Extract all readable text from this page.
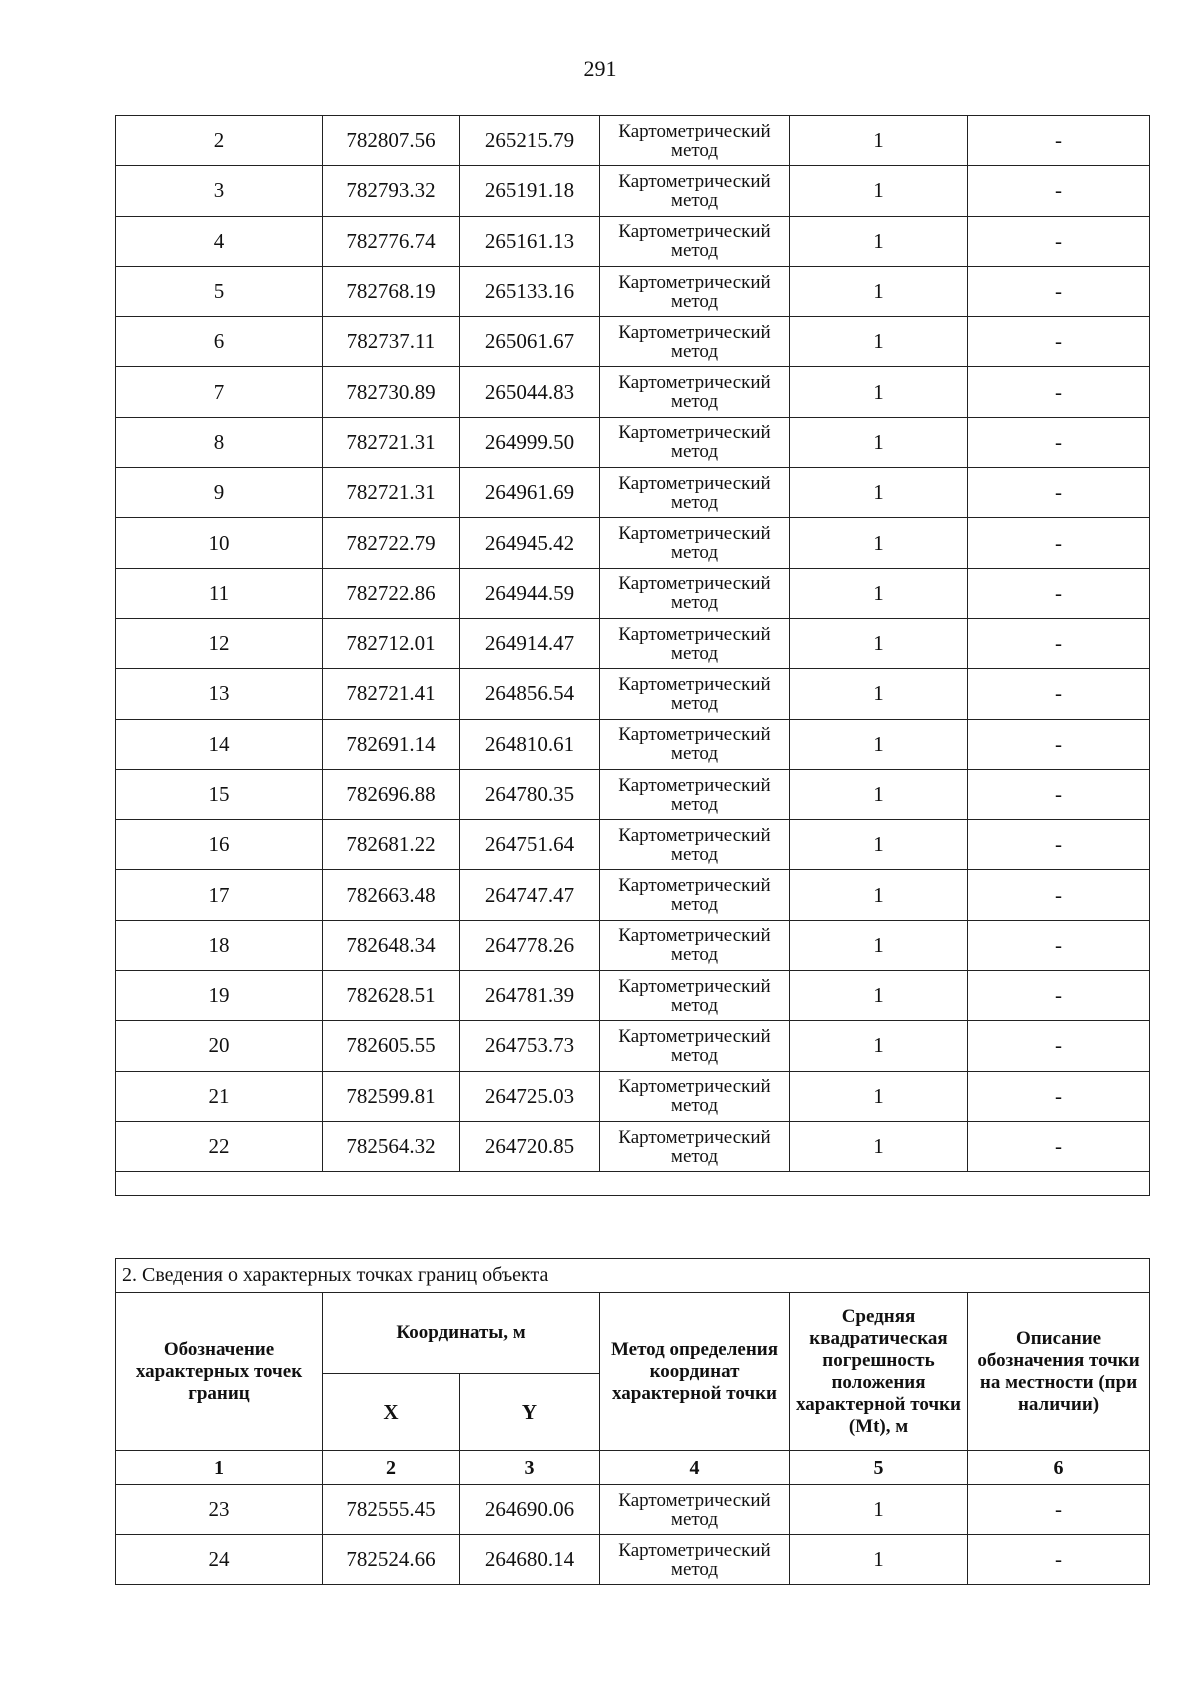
291
2	782807.56	265215.79	Картометрический метод	1	-
3	782793.32	265191.18	Картометрический метод	1	-
4	782776.74	265161.13	Картометрический метод	1	-
5	782768.19	265133.16	Картометрический метод	1	-
6	782737.11	265061.67	Картометрический метод	1	-
7	782730.89	265044.83	Картометрический метод	1	-
8	782721.31	264999.50	Картометрический метод	1	-
9	782721.31	264961.69	Картометрический метод	1	-
10	782722.79	264945.42	Картометрический метод	1	-
11	782722.86	264944.59	Картометрический метод	1	-
12	782712.01	264914.47	Картометрический метод	1	-
13	782721.41	264856.54	Картометрический метод	1	-
14	782691.14	264810.61	Картометрический метод	1	-
15	782696.88	264780.35	Картометрический метод	1	-
16	782681.22	264751.64	Картометрический метод	1	-
17	782663.48	264747.47	Картометрический метод	1	-
18	782648.34	264778.26	Картометрический метод	1	-
19	782628.51	264781.39	Картометрический метод	1	-
20	782605.55	264753.73	Картометрический метод	1	-
21	782599.81	264725.03	Картометрический метод	1	-
22	782564.32	264720.85	Картометрический метод	1	-

2. Сведения о характерных точках границ объекта					
Обозначение характерных точек границ	Координаты, м		Метод определения координат характерной точки	Средняя квадратическая погрешность положения характерной точки (Mt), м	Описание обозначения точки на местности (при наличии)
	X	Y			
1	2	3	4	5	6
23	782555.45	264690.06	Картометрический метод	1	-
24	782524.66	264680.14	Картометрический метод	1	-
